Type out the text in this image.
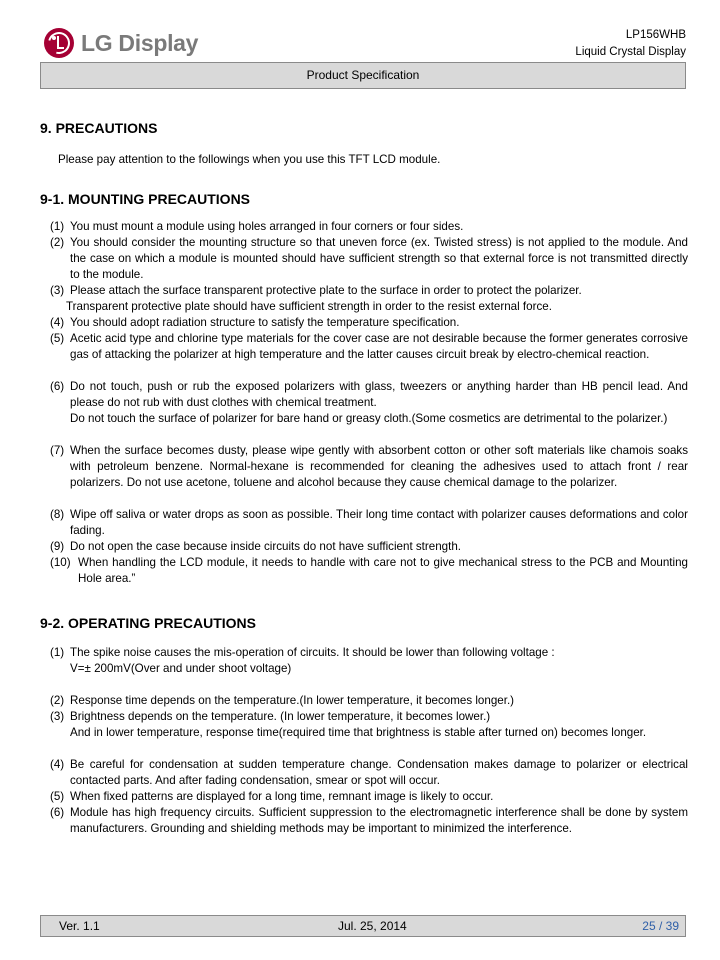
LG Display	LP156WHB
Liquid Crystal Display
Product Specification
9. PRECAUTIONS
Please pay attention to the followings when you use this TFT LCD module.
9-1. MOUNTING PRECAUTIONS
(1) You must mount a module using holes arranged in four corners or four sides.
(2) You should consider the mounting structure so that uneven force (ex. Twisted stress) is not applied to the module. And the case on which a module is mounted should have sufficient strength so that external force is not transmitted directly to the module.
(3) Please attach the surface transparent protective plate to the surface in order to protect the polarizer.
Transparent protective plate should have sufficient strength in order to the resist external force.
(4) You should adopt radiation structure to satisfy the temperature specification.
(5) Acetic acid type and chlorine type materials for the cover case are not desirable because the former generates corrosive gas of attacking the polarizer at high temperature and the latter causes circuit break by electro-chemical reaction.
(6) Do not touch, push or rub the exposed polarizers with glass, tweezers or anything harder than HB pencil lead. And please do not rub with dust clothes with chemical treatment.
Do not touch the surface of polarizer for bare hand or greasy cloth.(Some cosmetics are detrimental to the polarizer.)
(7) When the surface becomes dusty, please wipe gently with absorbent cotton or other soft materials like chamois soaks with petroleum benzene. Normal-hexane is recommended for cleaning the adhesives used to attach front / rear polarizers. Do not use acetone, toluene and alcohol because they cause chemical damage to the polarizer.
(8) Wipe off saliva or water drops as soon as possible. Their long time contact with polarizer causes deformations and color fading.
(9) Do not open the case because inside circuits do not have sufficient strength.
(10) When handling the LCD module, it needs to handle with care not to give mechanical stress to the PCB and Mounting Hole area.”
9-2. OPERATING PRECAUTIONS
(1) The spike noise causes the mis-operation of circuits. It should be lower than following voltage :
V=± 200mV(Over and under shoot voltage)
(2) Response time depends on the temperature.(In lower temperature, it becomes longer.)
(3) Brightness depends on the temperature. (In lower temperature, it becomes lower.)
And in lower temperature, response time(required time that brightness is stable after turned on) becomes longer.
(4) Be careful for condensation at sudden temperature change. Condensation makes damage to polarizer or electrical contacted parts. And after fading condensation, smear or spot will occur.
(5) When fixed patterns are displayed for a long time, remnant image is likely to occur.
(6) Module has high frequency circuits. Sufficient suppression to the electromagnetic interference shall be done by system manufacturers. Grounding and shielding methods may be important to minimized the interference.
Ver. 1.1	Jul. 25, 2014	25 / 39
